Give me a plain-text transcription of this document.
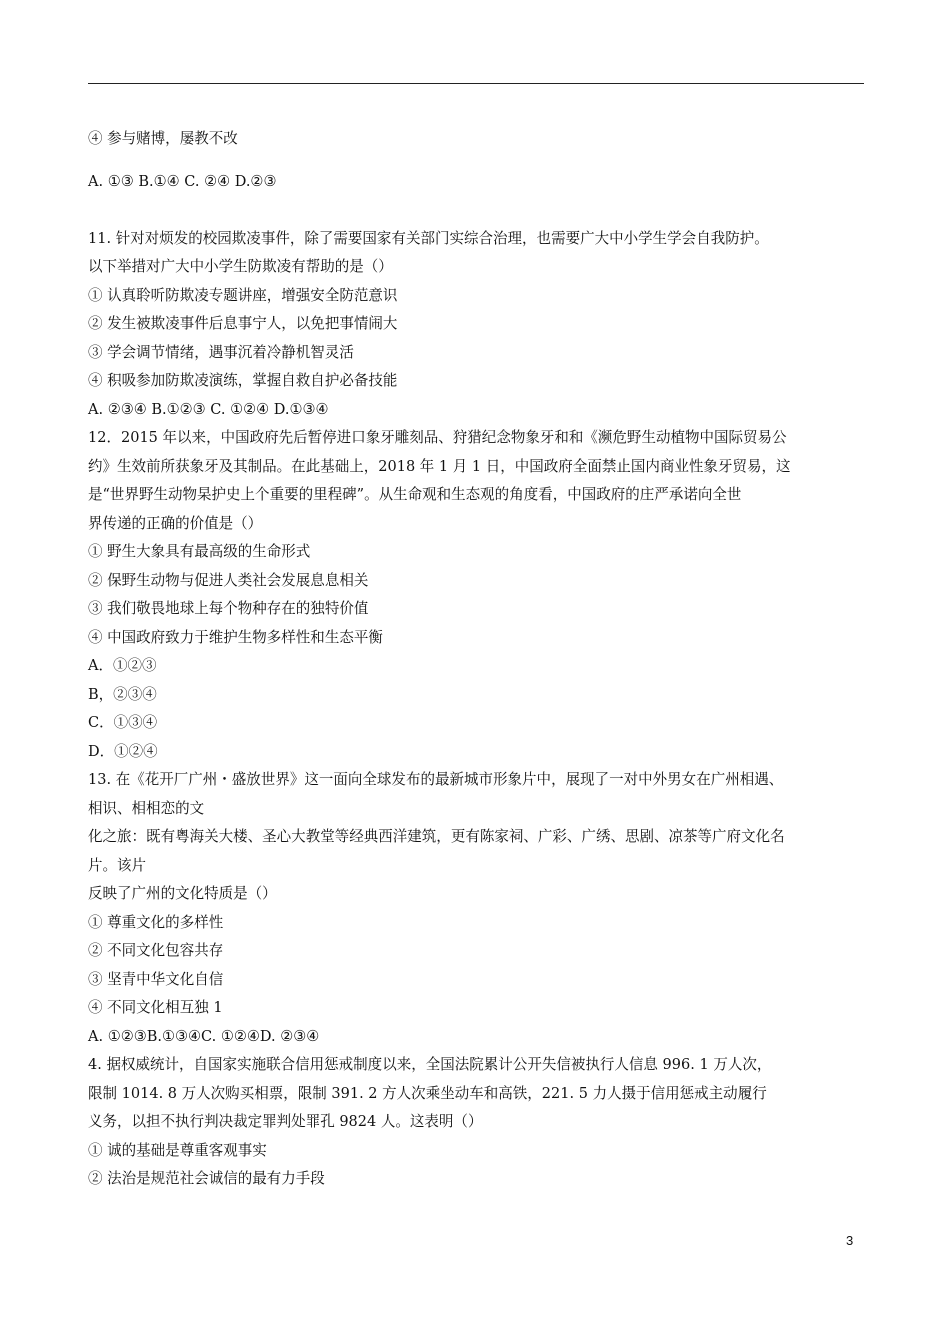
④ 参与赌博，屡教不改
A. ①③ B.①④ C. ②④ D.②③
11. 针对对烦发的校园欺凌事件，除了需要国家有关部门实综合治理，也需要广大中小学生学会自我防护。
以下举措对广大中小学生防欺凌有帮助的是（）
① 认真聆听防欺凌专题讲座，增强安全防范意识
② 发生被欺凌事件后息事宁人，以免把事情闹大
③ 学会调节情绪，遇事沉着冷静机智灵活
④ 积吸参加防欺凌演练，掌握自救自护必备技能
A. ②③④ B.①②③ C. ①②④ D.①③④
12．2015 年以来，中国政府先后暂停进口象牙雕刻品、狩猎纪念物象牙和和《濒危野生动植物中国际贸易公
约》生效前所获象牙及其制品。在此基础上，2018 年 1 月 1 日，中国政府全面禁止国内商业性象牙贸易，这
是“世界野生动物杲护史上个重要的里程碑”。从生命观和生态观的角度看，中国政府的庄严承诺向全世
界传递的正确的价值是（）
① 野生大象具有最高级的生命形式
② 保野生动物与促进人类社会发展息息相关
③ 我们敬畏地球上每个物种存在的独特价值
④ 中国政府致力于维护生物多样性和生态平衡
A．①②③
B，②③④
C．①③④
D．①②④
13. 在《花开厂广州・盛放世界》这一面向全球发布的最新城市形象片中，展现了一对中外男女在广州相遇、
相识、相相恋的文
化之旅：既有粤海关大楼、圣心大教堂等经典西洋建筑，更有陈家祠、广彩、广绣、思剧、凉茶等广府文化名
片。该片
反映了广州的文化特质是（）
① 尊重文化的多样性
② 不同文化包容共存
③ 坚青中华文化自信
④ 不同文化相互独 1
A. ①②③B.①③④C. ①②④D. ②③④
4. 据权威统计，自国家实施联合信用惩戒制度以来，全国法院累计公开失信被执行人信息 996. 1 万人次，
限制 1014. 8 万人次购买相票，限制 391. 2 方人次乘坐动车和高铁，221. 5 力人摄于信用惩戒主动履行
义务，以担不执行判决裁定罪判处罪孔 9824 人。这表明（）
① 诚的基础是尊重客观事实
② 法治是规范社会诚信的最有力手段
3
